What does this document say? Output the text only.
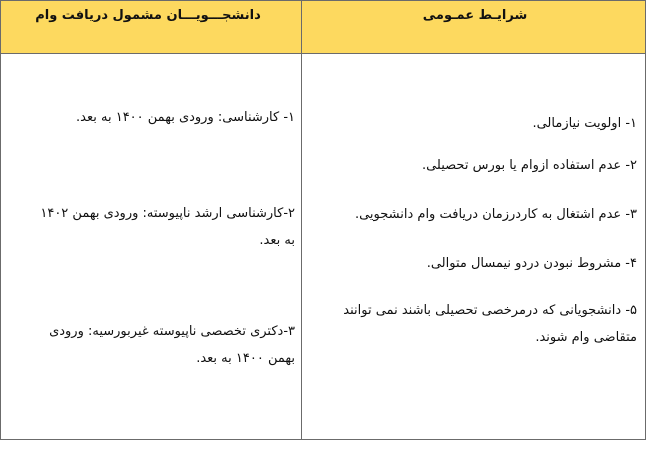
دانشجـــویـــان مشمول دریافت وام	شرایـط عمـومی
۱- کارشناسی: ورودی بهمن ۱۴۰۰ به بعد.
۲-کارشناسی ارشد ناپیوسته: ورودی بهمن ۱۴۰۲ به بعد.
۳-دکتری تخصصی ناپیوسته غیربورسیه: ورودی بهمن ۱۴۰۰ به بعد.
۱- اولویت نیازمالی.
۲- عدم استفاده ازوام یا بورس تحصیلی.
۳- عدم اشتغال به کاردرزمان دریافت وام دانشجویی.
۴- مشروط نبودن دردو نیمسال متوالی.
۵- دانشجویانی که درمرخصی تحصیلی باشند نمی توانند متقاضی وام شوند.
